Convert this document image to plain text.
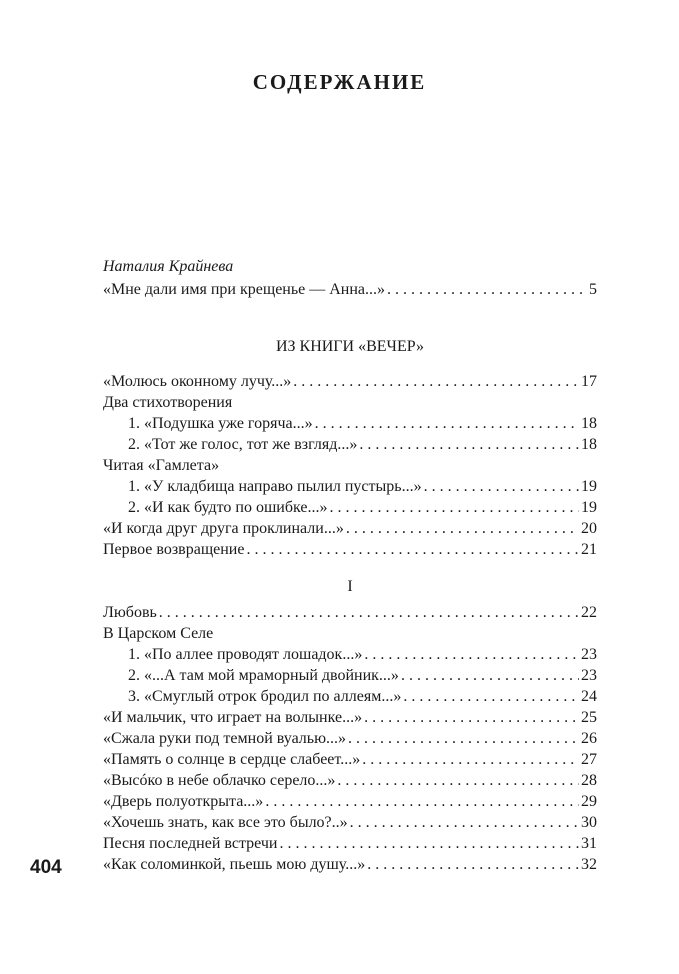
СОДЕРЖАНИЕ
Наталия Крайнева
«Мне дали имя при крещенье — Анна...» . . .	5
ИЗ КНИГИ «ВЕЧЕР»
«Молюсь оконному лучу...» . . .	17
Два стихотворения
1. «Подушка уже горяча...» . . .	18
2. «Тот же голос, тот же взгляд...» . . .	18
Читая «Гамлета»
1. «У кладбища направо пылил пустырь...» . . .	19
2. «И как будто по ошибке...» . . .	19
«И когда друг друга проклинали...» . . .	20
Первое возвращение . . .	21
I
Любовь . . .	22
В Царском Селе
1. «По аллее проводят лошадок...» . . .	23
2. «...А там мой мраморный двойник...» . . .	23
3. «Смуглый отрок бродил по аллеям...» . . .	24
«И мальчик, что играет на волынке...» . . .	25
«Сжала руки под темной вуалью...» . . .	26
«Память о солнце в сердце слабеет...» . . .	27
«Высóко в небе облачко серело...» . . .	28
«Дверь полуоткрыта...» . . .	29
«Хочешь знать, как все это было?..» . . .	30
Песня последней встречи . . .	31
«Как соломинкой, пьешь мою душу...» . . .	32
404
